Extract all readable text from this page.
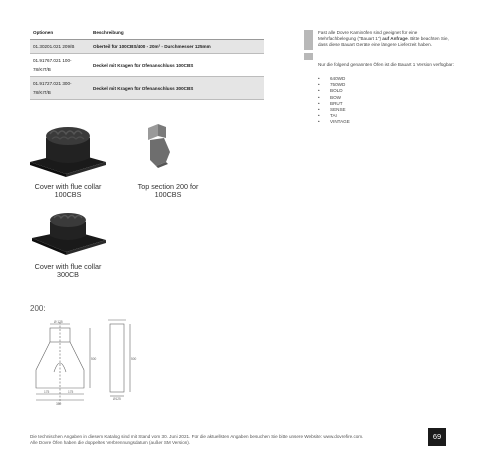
Optionen	Beschreibung
01.30201.021 209/B	Oberteil für 100CBS/400 - 20m² - Durchmesser 125mm
01.91767.021 100-78/KIT/B	Deckel mit Kragen für Ofenanschluss 100CBS
01.91727.021 300-78/KIT/B	Deckel mit Kragen für Ofenanschluss 300CBS
Fast alle Dovre Kaminöfen sind geeignet für eine Mehrfachbelegung ("Bauart 1") auf Anfrage. Bitte beachten Sie, dass diese Bauart Geräte eine längere Lieferzeit haben.
Nur die folgend genannten Öfen ist die Bauart 1 Version verfügbar:
• 640WD
• 750WD
• BOLD
• BOW
• BRUT
• SENSE
• TAI
• VINTAGE
Cover with flue collar
100CBS
Top section 200 for
100CBS
Cover with flue collar
300CB
200:
Ø 125
500
175	175
380
Ø125
500
Die technischen Angaben in diesem Katalog sind mit Stand vom 30. Juni 2021. Für die aktuellsten Angaben besuchen Sie bitte unsere Website: www.dovrefire.com.
Alle Dovre Öfen haben die doppeltes Verbrennungsdatum (außer SM Version).
69
